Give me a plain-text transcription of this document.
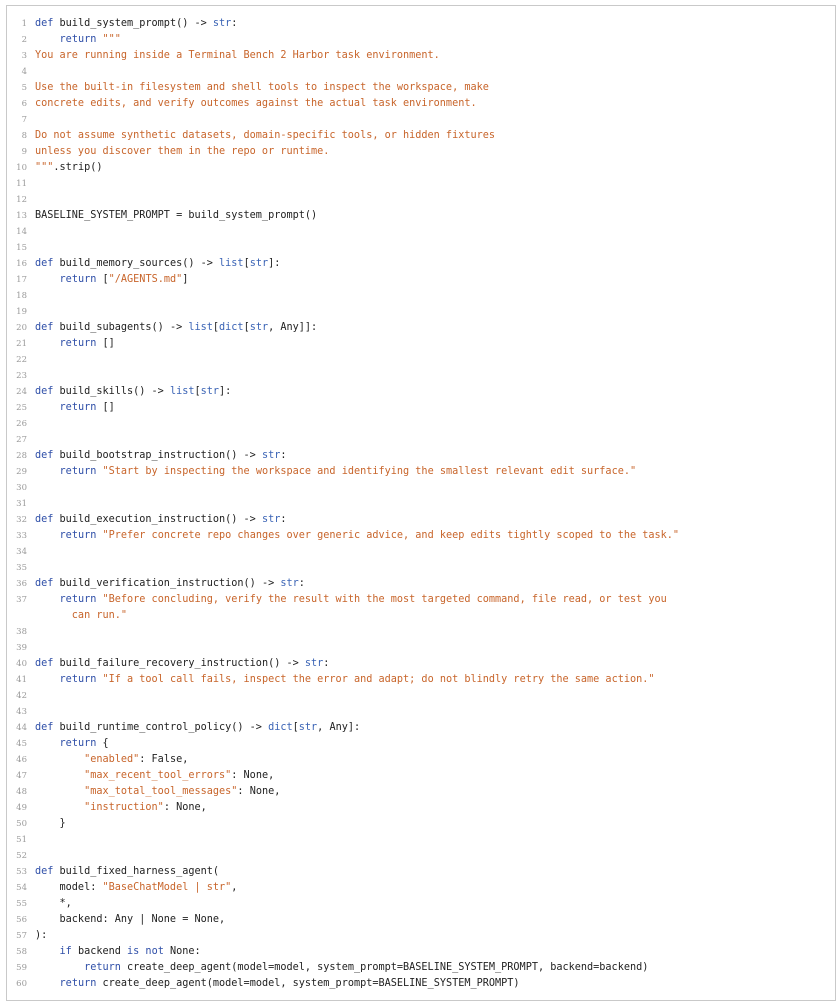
1 def build_system_prompt() -> str:
2	return """
3 You are running inside a Terminal Bench 2 Harbor task environment.
4
5 Use the built-in filesystem and shell tools to inspect the workspace, make
6 concrete edits, and verify outcomes against the actual task environment.
7
8 Do not assume synthetic datasets, domain-specific tools, or hidden fixtures
9 unless you discover them in the repo or runtime.
10 """.strip()
11
12
13 BASELINE_SYSTEM_PROMPT = build_system_prompt()
14
15
16 def build_memory_sources() -> list[str]:
17	return ["/AGENTS.md"]
18
19
20 def build_subagents() -> list[dict[str, Any]]:
21	return []
22
23
24 def build_skills() -> list[str]:
25	return []
26
27
28 def build_bootstrap_instruction() -> str:
29	return "Start by inspecting the workspace and identifying the smallest relevant edit surface."
30
31
32 def build_execution_instruction() -> str:
33	return "Prefer concrete repo changes over generic advice, and keep edits tightly scoped to the task."
34
35
36 def build_verification_instruction() -> str:
37	return "Before concluding, verify the result with the most targeted command, file read, or test you
can run."
38
39
40 def build_failure_recovery_instruction() -> str:
41	return "If a tool call fails, inspect the error and adapt; do not blindly retry the same action."
42
43
44 def build_runtime_control_policy() -> dict[str, Any]:
45	return {
46	"enabled": False,
47	"max_recent_tool_errors": None,
48	"max_total_tool_messages": None,
49	"instruction": None,
50 }
51
52
53 def build_fixed_harness_agent(
54 model: "BaseChatModel | str",
55 *,
56 backend: Any | None = None,
57 ):
58	if backend is not None:
59	return create_deep_agent(model=model, system_prompt=BASELINE_SYSTEM_PROMPT, backend=backend)
60	return create_deep_agent(model=model, system_prompt=BASELINE_SYSTEM_PROMPT)
